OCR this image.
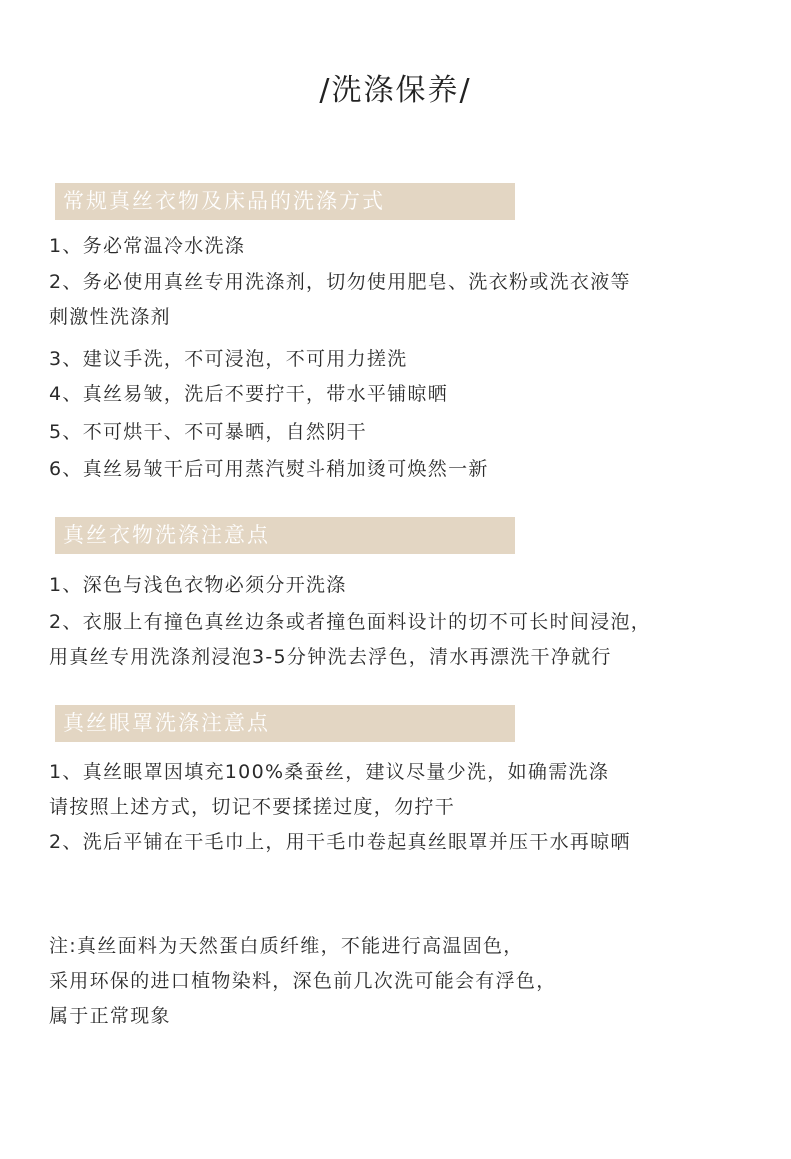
/洗涤保养/
常规真丝衣物及床品的洗涤方式
1、务必常温冷水洗涤
2、务必使用真丝专用洗涤剂，切勿使用肥皂、洗衣粉或洗衣液等
刺激性洗涤剂
3、建议手洗，不可浸泡，不可用力搓洗
4、真丝易皱，洗后不要拧干，带水平铺晾晒
5、不可烘干、不可暴晒，自然阴干
6、真丝易皱干后可用蒸汽熨斗稍加烫可焕然一新
真丝衣物洗涤注意点
1、深色与浅色衣物必须分开洗涤
2、衣服上有撞色真丝边条或者撞色面料设计的切不可长时间浸泡，
用真丝专用洗涤剂浸泡3-5分钟洗去浮色，清水再漂洗干净就行
真丝眼罩洗涤注意点
1、真丝眼罩因填充100%桑蚕丝，建议尽量少洗，如确需洗涤
请按照上述方式，切记不要揉搓过度，勿拧干
2、洗后平铺在干毛巾上，用干毛巾卷起真丝眼罩并压干水再晾晒
注:真丝面料为天然蛋白质纤维，不能进行高温固色，
采用环保的进口植物染料，深色前几次洗可能会有浮色，
属于正常现象
